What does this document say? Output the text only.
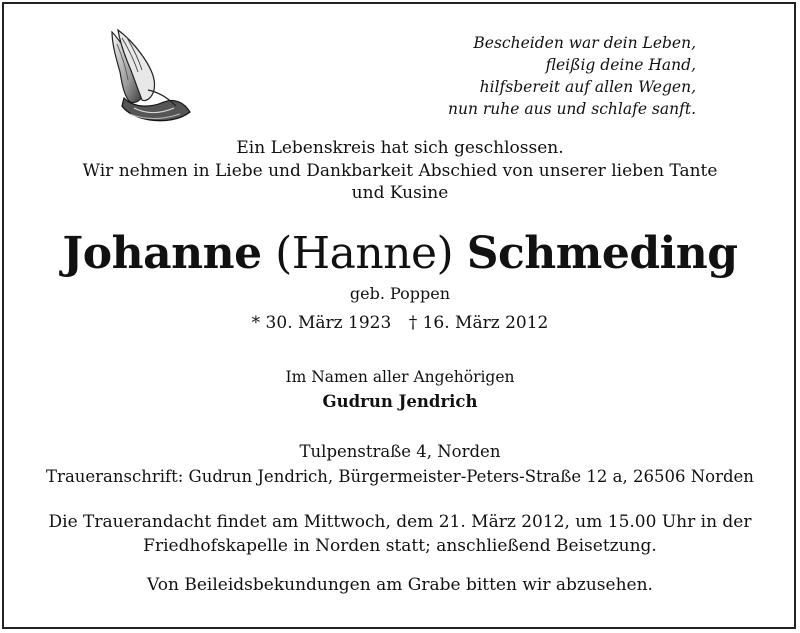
Bescheiden war dein Leben,
fleißig deine Hand,
hilfsbereit auf allen Wegen,
nun ruhe aus und schlafe sanft.
Ein Lebenskreis hat sich geschlossen.
Wir nehmen in Liebe und Dankbarkeit Abschied von unserer lieben Tante
und Kusine
Johanne (Hanne) Schmeding
geb. Poppen
* 30. März 1923 † 16. März 2012
Im Namen aller Angehörigen
Gudrun Jendrich
Tulpenstraße 4, Norden
Traueranschrift: Gudrun Jendrich, Bürgermeister-Peters-Straße 12 a, 26506 Norden
Die Trauerandacht findet am Mittwoch, dem 21. März 2012, um 15.00 Uhr in der
Friedhofskapelle in Norden statt; anschließend Beisetzung.
Von Beileidsbekundungen am Grabe bitten wir abzusehen.
